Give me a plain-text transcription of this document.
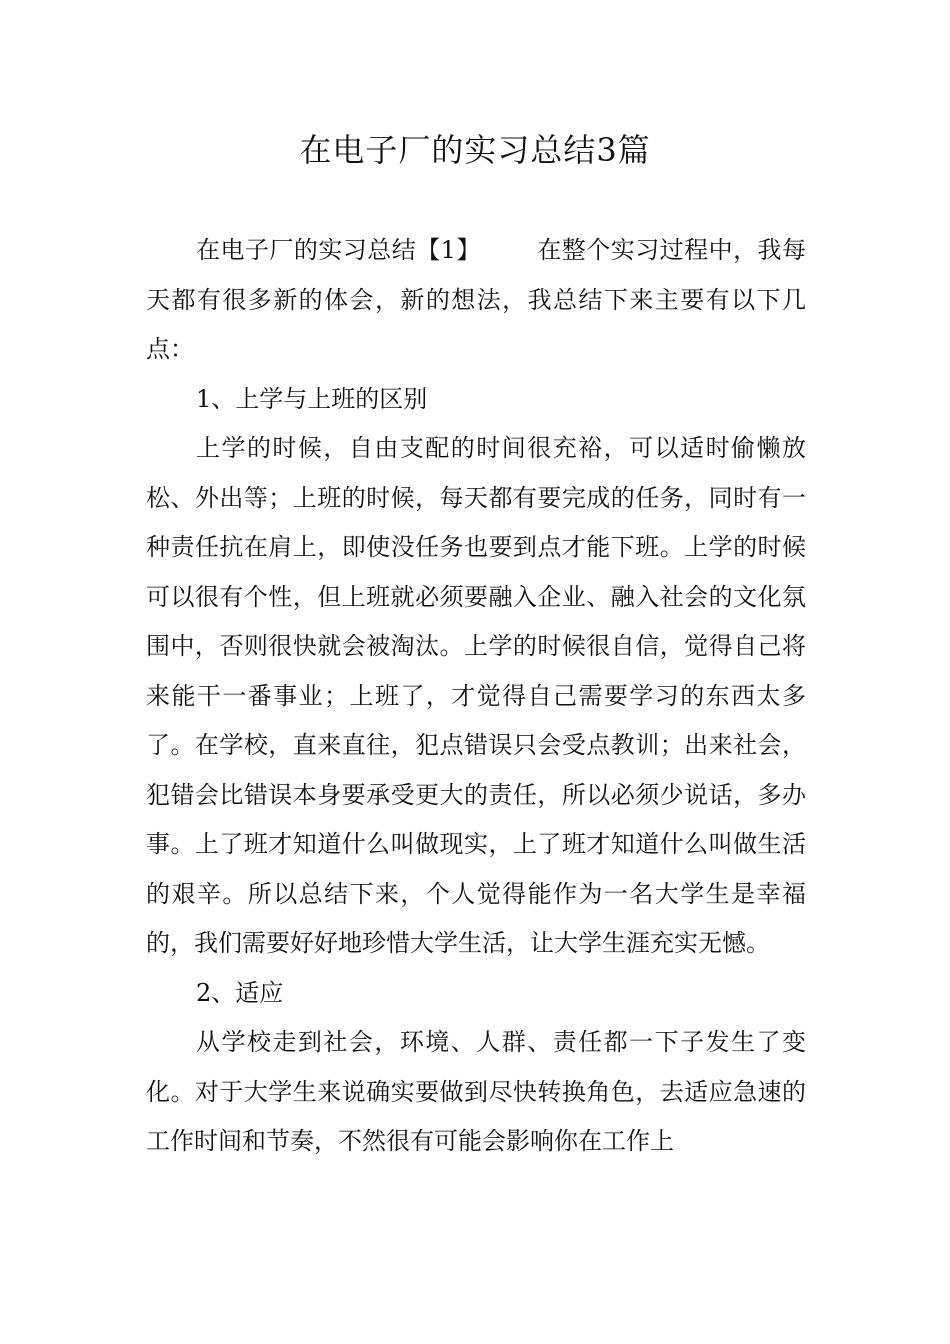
在电子厂的实习总结3篇

在电子厂的实习总结【1】 在整个实习过程中，我每天都有很多新的体会，新的想法，我总结下来主要有以下几点：

1、上学与上班的区别

上学的时候，自由支配的时间很充裕，可以适时偷懒放松、外出等；上班的时候，每天都有要完成的任务，同时有一种责任抗在肩上，即使没任务也要到点才能下班。上学的时候可以很有个性，但上班就必须要融入企业、融入社会的文化氛围中，否则很快就会被淘汰。上学的时候很自信，觉得自己将来能干一番事业；上班了，才觉得自己需要学习的东西太多了。在学校，直来直往，犯点错误只会受点教训；出来社会，犯错会比错误本身要承受更大的责任，所以必须少说话，多办事。上了班才知道什么叫做现实，上了班才知道什么叫做生活的艰辛。所以总结下来，个人觉得能作为一名大学生是幸福的，我们需要好好地珍惜大学生活，让大学生涯充实无憾。

2、适应

从学校走到社会，环境、人群、责任都一下子发生了变化。对于大学生来说确实要做到尽快转换角色，去适应急速的工作时间和节奏，不然很有可能会影响你在工作上
